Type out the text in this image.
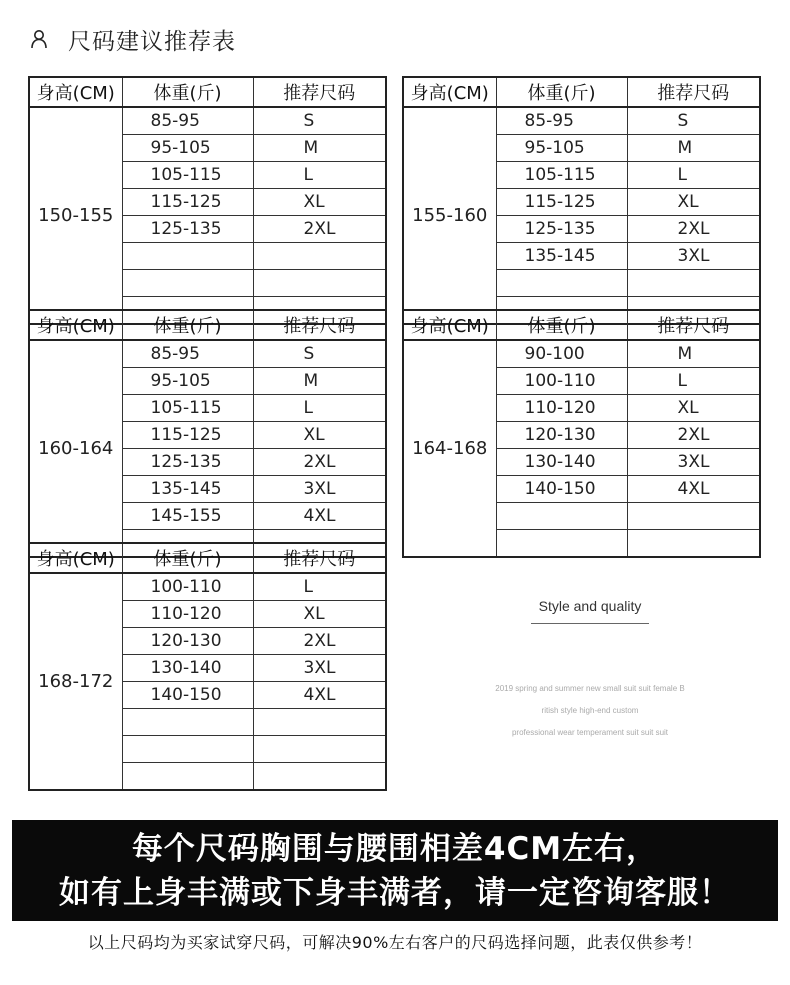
尺码建议推荐表
身高(CM)	体重(斤)	推荐尺码
150-155	85-95	S
	95-105	M
	105-115	L
	115-125	XL
	125-135	2XL

身高(CM)	体重(斤)	推荐尺码
155-160	85-95	S
	95-105	M
	105-115	L
	115-125	XL
	125-135	2XL
	135-145	3XL

身高(CM)	体重(斤)	推荐尺码
160-164	85-95	S
	95-105	M
	105-115	L
	115-125	XL
	125-135	2XL
	135-145	3XL
	145-155	4XL

身高(CM)	体重(斤)	推荐尺码
164-168	90-100	M
	100-110	L
	110-120	XL
	120-130	2XL
	130-140	3XL
	140-150	4XL

身高(CM)	体重(斤)	推荐尺码
168-172	100-110	L
	110-120	XL
	120-130	2XL
	130-140	3XL
	140-150	4XL

Style and quality
2019 spring and summer new small suit suit female B
ritish style high-end custom
professional wear temperament suit suit suit
每个尺码胸围与腰围相差4CM左右，
如有上身丰满或下身丰满者，请一定咨询客服！
以上尺码均为买家试穿尺码，可解决90%左右客户的尺码选择问题，此表仅供参考！
